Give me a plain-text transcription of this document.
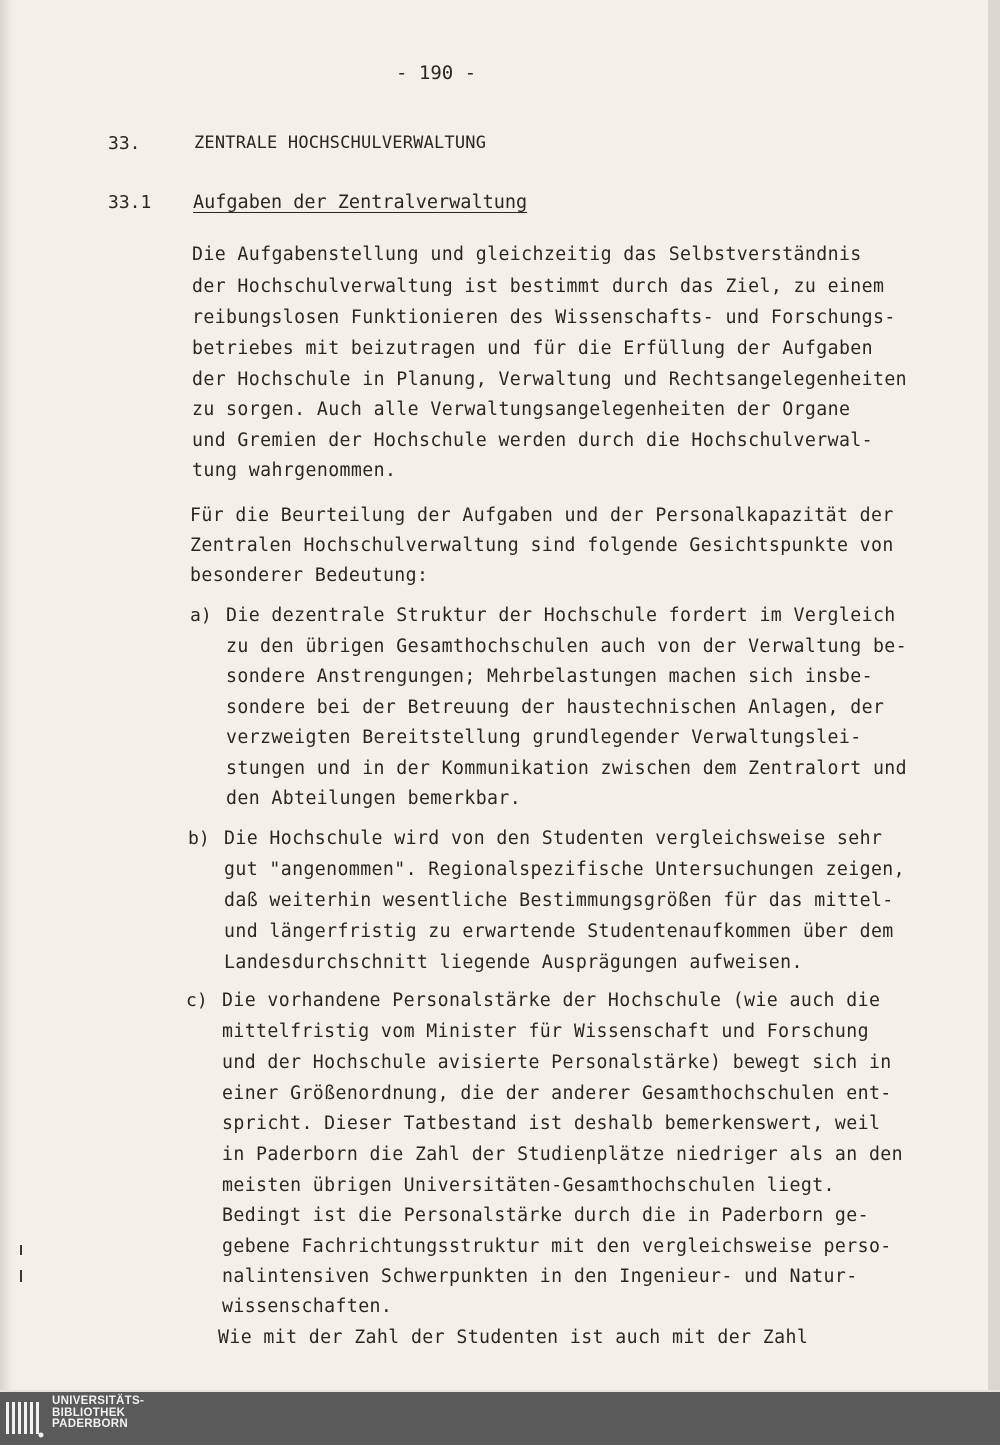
- 190 -
33.	ZENTRALE HOCHSCHULVERWALTUNG
33.1 Aufgaben der Zentralverwaltung
Die Aufgabenstellung und gleichzeitig das Selbstverständnis
der Hochschulverwaltung ist bestimmt durch das Ziel, zu einem
reibungslosen Funktionieren des Wissenschafts- und Forschungs-
betriebes mit beizutragen und für die Erfüllung der Aufgaben
der Hochschule in Planung, Verwaltung und Rechtsangelegenheiten
zu sorgen. Auch alle Verwaltungsangelegenheiten der Organe
und Gremien der Hochschule werden durch die Hochschulverwal-
tung wahrgenommen.
Für die Beurteilung der Aufgaben und der Personalkapazität der
Zentralen Hochschulverwaltung sind folgende Gesichtspunkte von
besonderer Bedeutung:
a) Die dezentrale Struktur der Hochschule fordert im Vergleich
zu den übrigen Gesamthochschulen auch von der Verwaltung be-
sondere Anstrengungen; Mehrbelastungen machen sich insbe-
sondere bei der Betreuung der haustechnischen Anlagen, der
verzweigten Bereitstellung grundlegender Verwaltungslei-
stungen und in der Kommunikation zwischen dem Zentralort und
den Abteilungen bemerkbar.
b) Die Hochschule wird von den Studenten vergleichsweise sehr
gut "angenommen". Regionalspezifische Untersuchungen zeigen,
daß weiterhin wesentliche Bestimmungsgrößen für das mittel-
und längerfristig zu erwartende Studentenaufkommen über dem
Landesdurchschnitt liegende Ausprägungen aufweisen.
c) Die vorhandene Personalstärke der Hochschule (wie auch die
mittelfristig vom Minister für Wissenschaft und Forschung
und der Hochschule avisierte Personalstärke) bewegt sich in
einer Größenordnung, die der anderer Gesamthochschulen ent-
spricht. Dieser Tatbestand ist deshalb bemerkenswert, weil
in Paderborn die Zahl der Studienplätze niedriger als an den
meisten übrigen Universitäten-Gesamthochschulen liegt.
Bedingt ist die Personalstärke durch die in Paderborn ge-
gebene Fachrichtungsstruktur mit den vergleichsweise perso-
nalintensiven Schwerpunkten in den Ingenieur- und Natur-
wissenschaften.
Wie mit der Zahl der Studenten ist auch mit der Zahl
UNIVERSITÄTS-
BIBLIOTHEK
PADERBORN
